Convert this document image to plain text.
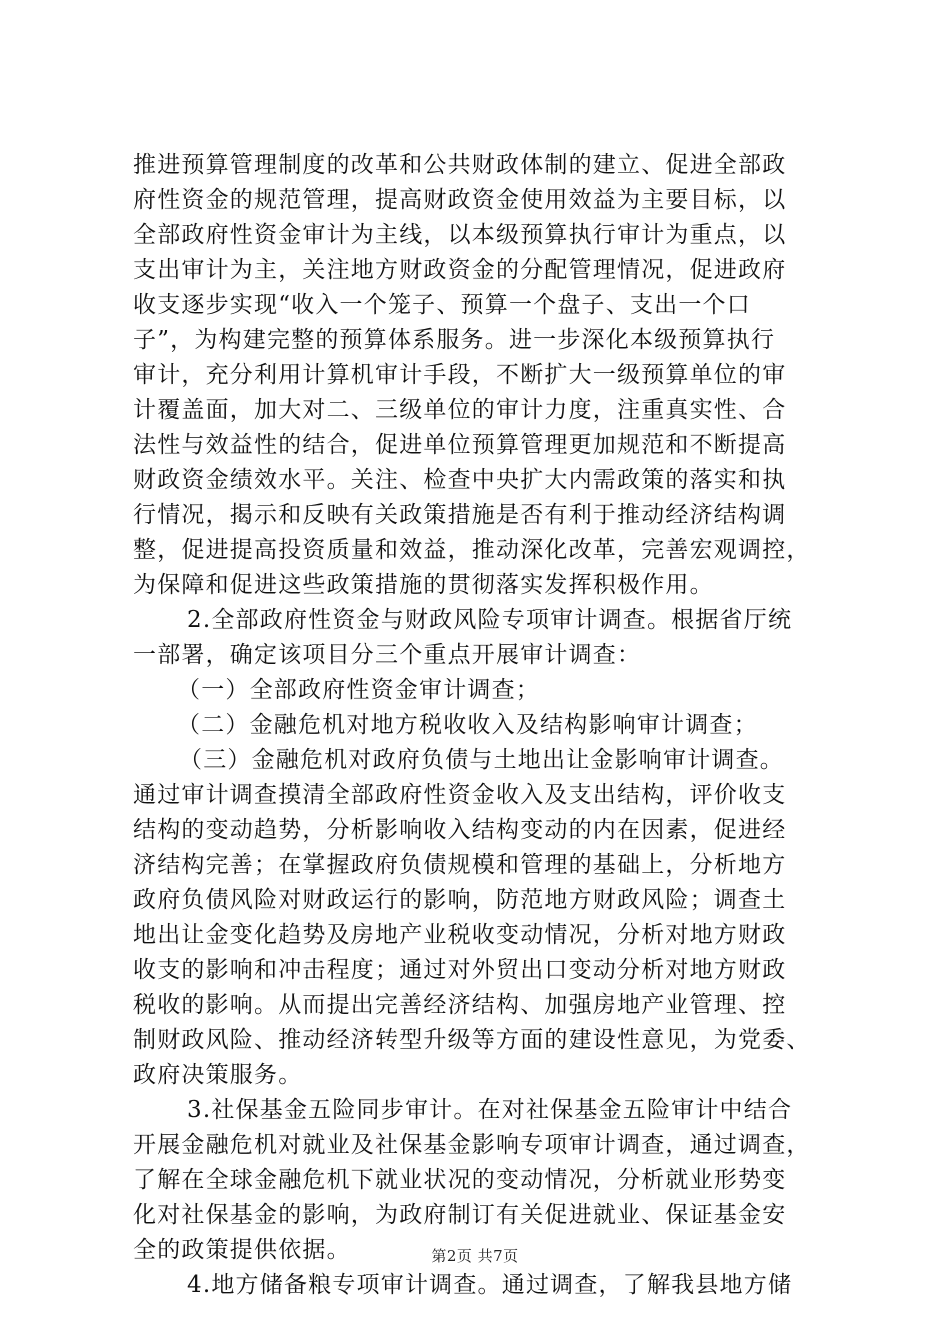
推进预算管理制度的改革和公共财政体制的建立、促进全部政
府性资金的规范管理，提高财政资金使用效益为主要目标，以
全部政府性资金审计为主线，以本级预算执行审计为重点，以
支出审计为主，关注地方财政资金的分配管理情况，促进政府
收支逐步实现“收入一个笼子、预算一个盘子、支出一个口
子”，为构建完整的预算体系服务。进一步深化本级预算执行
审计，充分利用计算机审计手段，不断扩大一级预算单位的审
计覆盖面，加大对二、三级单位的审计力度，注重真实性、合
法性与效益性的结合，促进单位预算管理更加规范和不断提高
财政资金绩效水平。关注、检查中央扩大内需政策的落实和执
行情况，揭示和反映有关政策措施是否有利于推动经济结构调
整，促进提高投资质量和效益，推动深化改革，完善宏观调控，
为保障和促进这些政策措施的贯彻落实发挥积极作用。
2.全部政府性资金与财政风险专项审计调查。根据省厅统
一部署，确定该项目分三个重点开展审计调查：
（一）全部政府性资金审计调查；
（二）金融危机对地方税收收入及结构影响审计调查；
（三）金融危机对政府负债与土地出让金影响审计调查。
通过审计调查摸清全部政府性资金收入及支出结构，评价收支
结构的变动趋势，分析影响收入结构变动的内在因素，促进经
济结构完善；在掌握政府负债规模和管理的基础上，分析地方
政府负债风险对财政运行的影响，防范地方财政风险；调查土
地出让金变化趋势及房地产业税收变动情况，分析对地方财政
收支的影响和冲击程度；通过对外贸出口变动分析对地方财政
税收的影响。从而提出完善经济结构、加强房地产业管理、控
制财政风险、推动经济转型升级等方面的建设性意见，为党委、
政府决策服务。
3.社保基金五险同步审计。在对社保基金五险审计中结合
开展金融危机对就业及社保基金影响专项审计调查，通过调查，
了解在全球金融危机下就业状况的变动情况，分析就业形势变
化对社保基金的影响，为政府制订有关促进就业、保证基金安
全的政策提供依据。
4.地方储备粮专项审计调查。通过调查，了解我县地方储
第2页 共7页
